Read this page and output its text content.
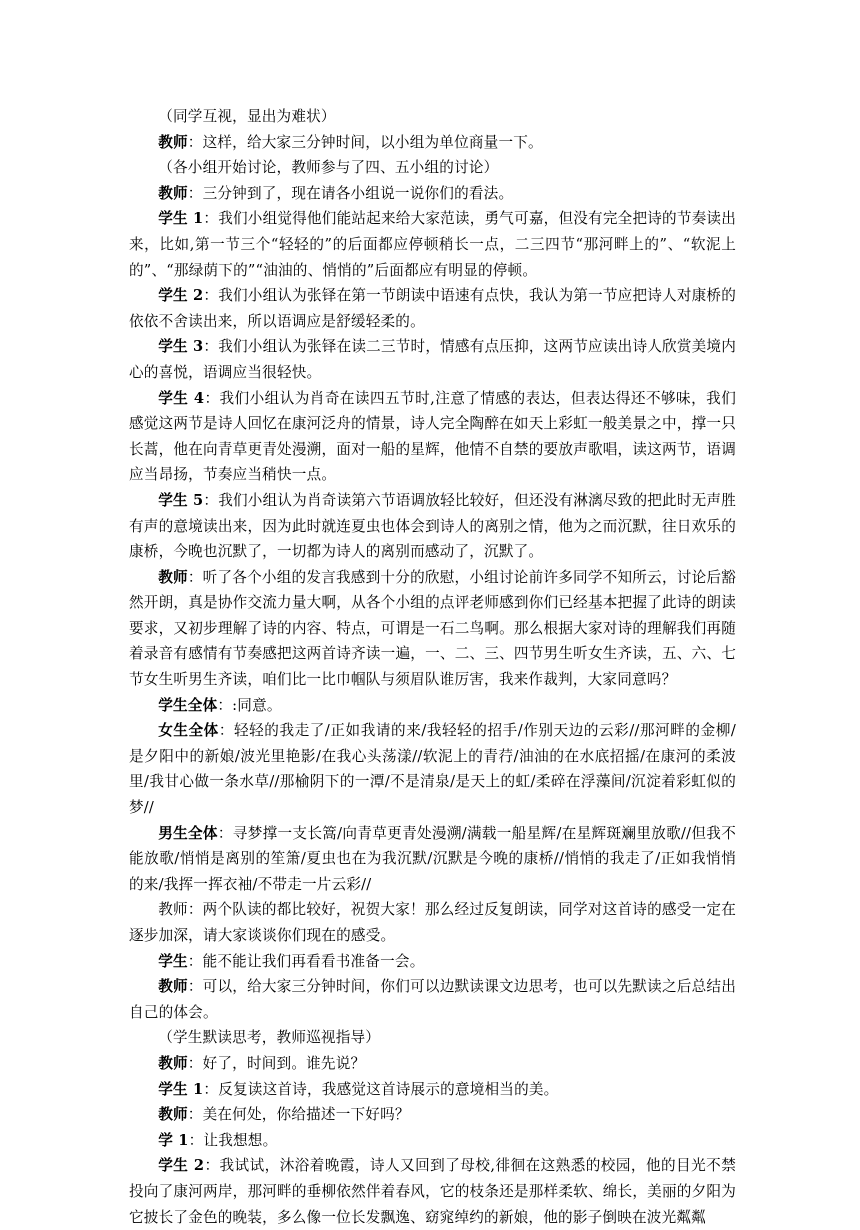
（同学互视，显出为难状）

教师：这样，给大家三分钟时间，以小组为单位商量一下。

（各小组开始讨论，教师参与了四、五小组的讨论）

教师：三分钟到了，现在请各小组说一说你们的看法。

学生 1：我们小组觉得他们能站起来给大家范读，勇气可嘉，但没有完全把诗的节奏读出来，比如,第一节三个“轻轻的”的后面都应停顿稍长一点，二三四节“那河畔上的”、“软泥上的”、“那绿荫下的”“油油的、悄悄的”后面都应有明显的停顿。

学生 2：我们小组认为张铎在第一节朗读中语速有点快，我认为第一节应把诗人对康桥的依依不舍读出来，所以语调应是舒缓轻柔的。

学生 3：我们小组认为张铎在读二三节时，情感有点压抑，这两节应读出诗人欣赏美境内心的喜悦，语调应当很轻快。

学生 4：我们小组认为肖奇在读四五节时,注意了情感的表达，但表达得还不够味，我们感觉这两节是诗人回忆在康河泛舟的情景，诗人完全陶醉在如天上彩虹一般美景之中，撑一只长蒿，他在向青草更青处漫溯，面对一船的星辉，他情不自禁的要放声歌唱，读这两节，语调应当昂扬，节奏应当稍快一点。

学生 5：我们小组认为肖奇读第六节语调放轻比较好，但还没有淋漓尽致的把此时无声胜有声的意境读出来，因为此时就连夏虫也体会到诗人的离别之情，他为之而沉默，往日欢乐的康桥，今晚也沉默了，一切都为诗人的离别而感动了，沉默了。

教师：听了各个小组的发言我感到十分的欣慰，小组讨论前许多同学不知所云，讨论后豁然开朗，真是协作交流力量大啊，从各个小组的点评老师感到你们已经基本把握了此诗的朗读要求，又初步理解了诗的内容、特点，可谓是一石二鸟啊。那么根据大家对诗的理解我们再随着录音有感情有节奏感把这两首诗齐读一遍，一、二、三、四节男生听女生齐读，五、六、七节女生听男生齐读，咱们比一比巾帼队与须眉队谁厉害，我来作裁判，大家同意吗？

学生全体：:同意。

女生全体：轻轻的我走了/正如我请的来/我轻轻的招手/作别天边的云彩//那河畔的金柳/是夕阳中的新娘/波光里艳影/在我心头荡漾//软泥上的青荇/油油的在水底招摇/在康河的柔波里/我甘心做一条水草//那榆阴下的一潭/不是清泉/是天上的虹/柔碎在浮藻间/沉淀着彩虹似的梦//

男生全体：寻梦撑一支长篙/向青草更青处漫溯/满载一船星辉/在星辉斑斓里放歌//但我不能放歌/悄悄是离别的笙箫/夏虫也在为我沉默/沉默是今晚的康桥//悄悄的我走了/正如我悄悄的来/我挥一挥衣袖/不带走一片云彩//

教师：两个队读的都比较好，祝贺大家！那么经过反复朗读，同学对这首诗的感受一定在逐步加深，请大家谈谈你们现在的感受。

学生：能不能让我们再看看书准备一会。

教师：可以，给大家三分钟时间，你们可以边默读课文边思考，也可以先默读之后总结出自己的体会。

（学生默读思考，教师巡视指导）

教师：好了，时间到。谁先说？

学生 1：反复读这首诗，我感觉这首诗展示的意境相当的美。

教师：美在何处，你给描述一下好吗？

学 1：让我想想。

学生 2：我试试，沐浴着晚霞，诗人又回到了母校,徘徊在这熟悉的校园，他的目光不禁投向了康河两岸，那河畔的垂柳依然伴着春风，它的枝条还是那样柔软、绵长，美丽的夕阳为它披长了金色的晚装，多么像一位长发飘逸、窈窕绰约的新娘，他的影子倒映在波光粼粼
